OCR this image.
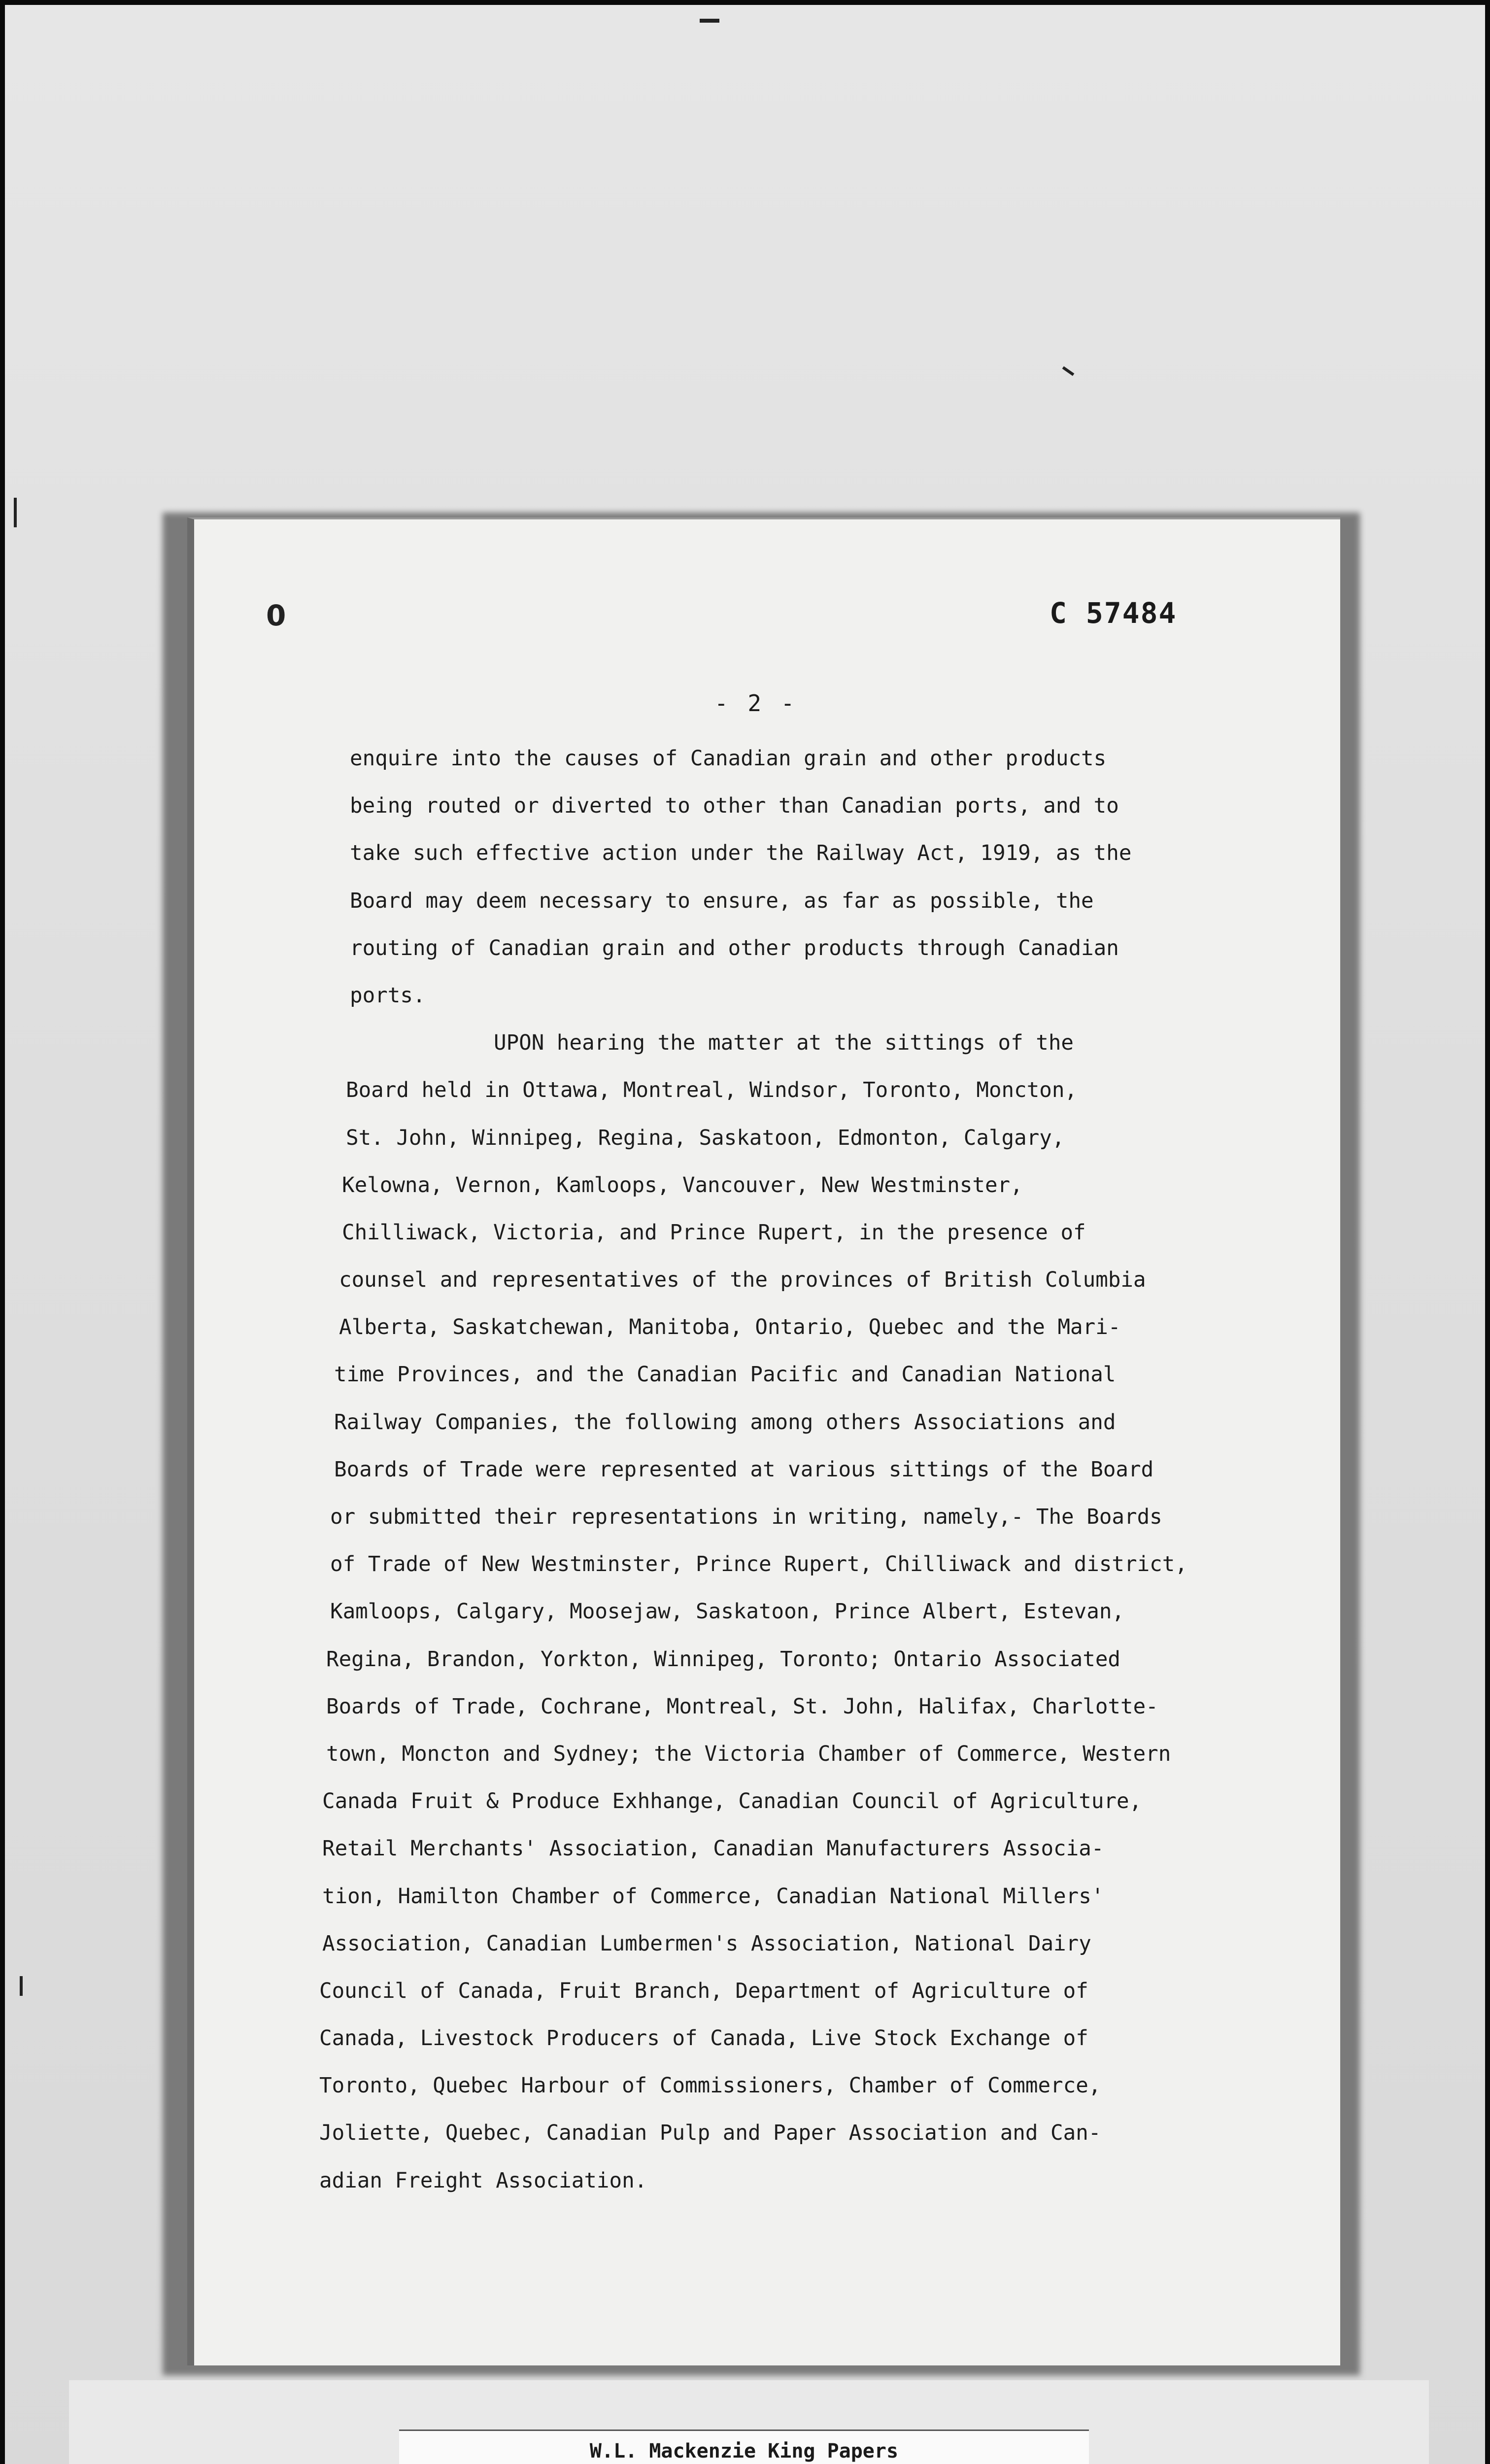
0	C 57484
- 2 -
enquire into the causes of Canadian grain and other products
being routed or diverted to other than Canadian ports, and to
take such effective action under the Railway Act, 1919, as the
Board may deem necessary to ensure, as far as possible, the
routing of Canadian grain and other products through Canadian
ports.
UPON hearing the matter at the sittings of the
Board held in Ottawa, Montreal, Windsor, Toronto, Moncton,
St. John, Winnipeg, Regina, Saskatoon, Edmonton, Calgary,
Kelowna, Vernon, Kamloops, Vancouver, New Westminster,
Chilliwack, Victoria, and Prince Rupert, in the presence of
counsel and representatives of the provinces of British Columbia
Alberta, Saskatchewan, Manitoba, Ontario, Quebec and the Mari-
time Provinces, and the Canadian Pacific and Canadian National
Railway Companies, the following among others Associations and
Boards of Trade were represented at various sittings of the Board
or submitted their representations in writing, namely,- The Boards
of Trade of New Westminster, Prince Rupert, Chilliwack and district,
Kamloops, Calgary, Moosejaw, Saskatoon, Prince Albert, Estevan,
Regina, Brandon, Yorkton, Winnipeg, Toronto; Ontario Associated
Boards of Trade, Cochrane, Montreal, St. John, Halifax, Charlotte-
town, Moncton and Sydney; the Victoria Chamber of Commerce, Western
Canada Fruit & Produce Exhhange, Canadian Council of Agriculture,
Retail Merchants' Association, Canadian Manufacturers Associa-
tion, Hamilton Chamber of Commerce, Canadian National Millers'
Association, Canadian Lumbermen's Association, National Dairy
Council of Canada, Fruit Branch, Department of Agriculture of
Canada, Livestock Producers of Canada, Live Stock Exchange of
Toronto, Quebec Harbour of Commissioners, Chamber of Commerce,
Joliette, Quebec, Canadian Pulp and Paper Association and Can-
adian Freight Association.
W.L. Mackenzie King Papers
